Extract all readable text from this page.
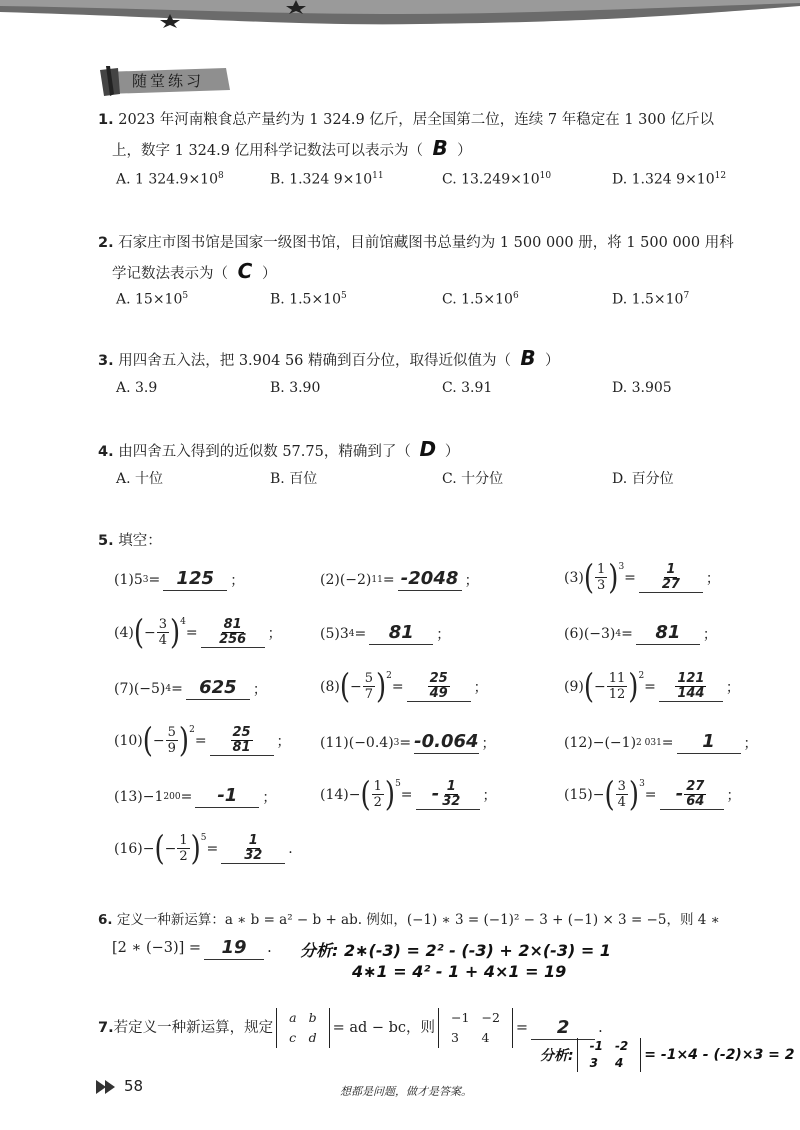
随堂练习
1. 2023 年河南粮食总产量约为 1 324.9 亿斤，居全国第二位，连续 7 年稳定在 1 300 亿斤以
上，数字 1 324.9 亿用科学记数法可以表示为（ B ）
A. 1 $324.9\times 10^8$	B. 1.324 $9\times 10^{11}$	C. $13.249\times 10^{10}$	D. 1.324 $9\times 10^{12}$
2. 石家庄市图书馆是国家一级图书馆，目前馆藏图书总量约为 1 500 000 册，将 1 500 000 用科
学记数法表示为（ C ）
A. $15\times 10^5$	B. $1.5\times 10^5$	C. $1.5\times 10^6$	D. $1.5\times 10^7$
3. 用四舍五入法，把 3.904 56 精确到百分位，取得近似值为（ B ）
A. 3.9	B. 3.90	C. 3.91	D. 3.905
4. 由四舍五入得到的近似数 57.75，精确到了（ D ）
A. 十位	B. 百位	C. 十分位	D. 百分位
5. 填空：
(1)5 3 = 125	；	(2)(−2) 11 = -2048 ；	(3) ( $\frac{1}{3} )^3$
= $\frac{1}{27}$ ；
(4) ( − $\frac{3}{4} )^4$
= $\frac{81}{256}$ ；	(5)3 4 =	81	；	(6)(−3) 4 =	81	；
(7)(−5) 4 = 625	；	(8) ( − $\frac{5}{7} )^2$
= $\frac{25}{49}$ ；	(9) ( − $\frac{11}{12} )^2$
= $\frac{121}{144}$ ；
(10) ( − $\frac{5}{9} )^2$
= $\frac{25}{81}$ ； (11)(−0.4) 3 = -0.064 ；	(12)−(−1) 2 031 =	1	；
(13)−1 200 =	-1	；	(14)− ( $\frac{1}{2} )^5$
=	- $\frac{1}{32}$ ；	(15)− ( $\frac{3}{4} )^3$
=	- $\frac{27}{64}$ ；
(16)− ( − $\frac{1}{2} )^5$
= $\frac{1}{32}$ .
6. 定义一种新运算：a ∗ b = a² − b + ab. 例如，(−1) ∗ 3 = (−1)² − 3 + (−1) × 3 = −5，则 4 ∗
[2 ∗ (−3)] =	19	. 分析: 2∗(-3) = 2² - (-3) + 2×(-3) = 1
4∗1 = 4² - 1 + 4×1 = 19
7. 若定义一种新运算，规定
a	b
c	d
= ad − bc，则
−1	−2
3	4
=	2	.
分析:
-1	-2
3	4 = -1×4 - (-2)×3 = 2
58	想都是问题，做才是答案。
